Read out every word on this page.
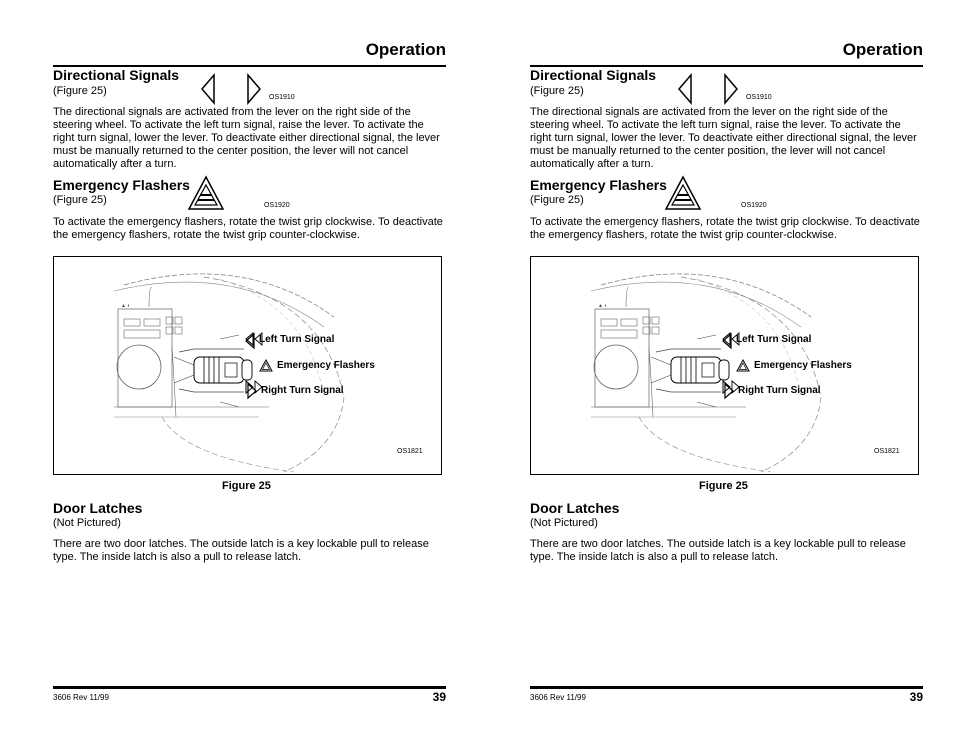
Operation
Directional Signals
(Figure 25)
OS1910
The directional signals are activated from the lever on the right side of the steering wheel. To activate the left turn signal, raise the lever. To activate the right turn signal, lower the lever. To deactivate either directional signal, the lever must be manually returned to the center position, the lever will not cancel automatically after a turn.
Emergency Flashers
(Figure 25)	OS1920
To activate the emergency flashers, rotate the twist grip clockwise. To deactivate the emergency flashers, rotate the twist grip counter-clockwise.
▲ ◐
Left Turn Signal
Emergency Flashers
Right Turn Signal
OS1821
Figure 25
Door Latches
(Not Pictured)
There are two door latches. The outside latch is a key lockable pull to release type. The inside latch is also a pull to release latch.
3606 Rev 11/99	39
Operation
Directional Signals
(Figure 25)
OS1910
The directional signals are activated from the lever on the right side of the steering wheel. To activate the left turn signal, raise the lever. To activate the right turn signal, lower the lever. To deactivate either directional signal, the lever must be manually returned to the center position, the lever will not cancel automatically after a turn.
Emergency Flashers
(Figure 25)	OS1920
To activate the emergency flashers, rotate the twist grip clockwise. To deactivate the emergency flashers, rotate the twist grip counter-clockwise.
▲ ◐
Left Turn Signal
Emergency Flashers
Right Turn Signal
OS1821
Figure 25
Door Latches
(Not Pictured)
There are two door latches. The outside latch is a key lockable pull to release type. The inside latch is also a pull to release latch.
3606 Rev 11/99	39
